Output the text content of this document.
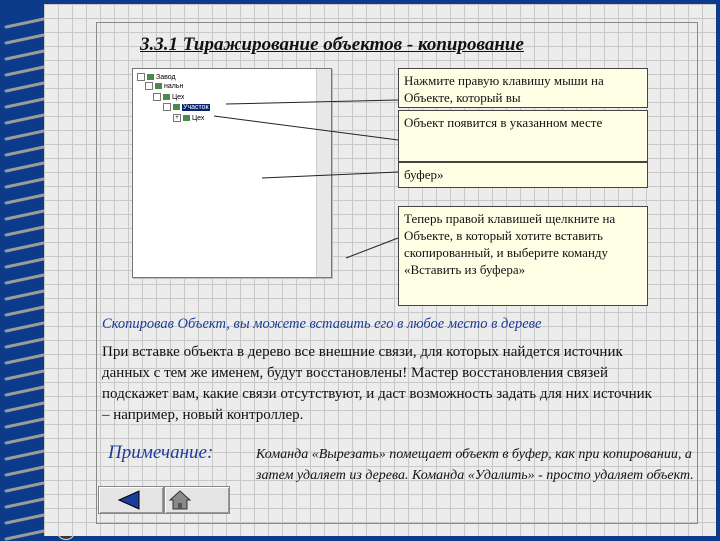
3.3.1 Тиражирование объектов - копирование
Завод
нальн
Цех
Участок
+ Цех
Нажмите правую клавишу мыши на Объекте, который вы
Объект появится в указанном месте
буфер»
Теперь правой клавишей щелкните на Объекте, в который хотите вставить скопированный, и выберите команду «Вставить из буфера»
Скопировав Объект, вы можете вставить его в любое место в дереве
При вставке объекта в дерево все внешние связи, для которых найдется источник данных с тем же именем, будут восстановлены! Мастер восстановления связей подскажет вам, какие связи отсутствуют, и даст возможность задать для них источник – например, новый контроллер.
Примечание:	Команда «Вырезать» помещает объект в буфер, как при копировании, а затем удаляет из дерева. Команда «Удалить» - просто удаляет объект.
